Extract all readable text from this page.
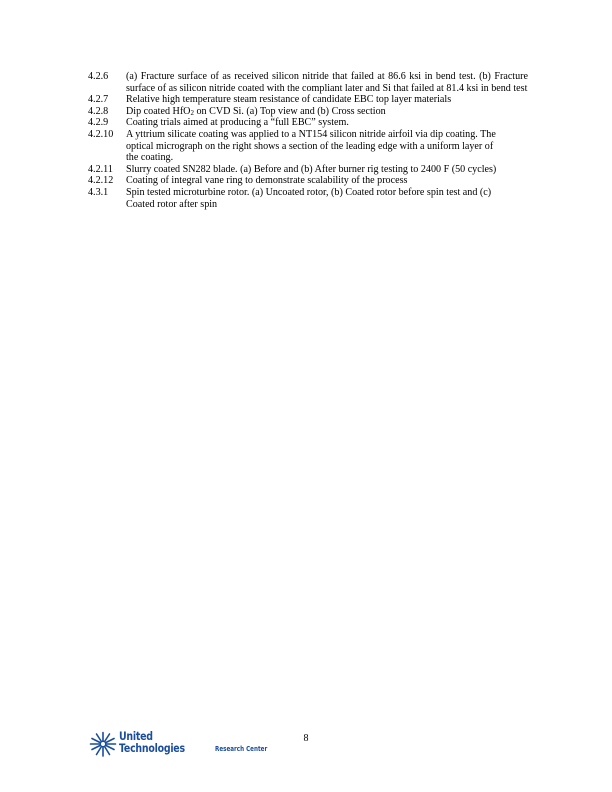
4.2.6	(a) Fracture surface of as received silicon nitride that failed at 86.6 ksi in bend test. (b) Fracture surface of as silicon nitride coated with the compliant later and Si that failed at 81.4 ksi in bend test
4.2.7	Relative high temperature steam resistance of candidate EBC top layer materials
4.2.8	Dip coated HfO$_2$ on CVD Si. (a) Top view and (b) Cross section
4.2.9	Coating trials aimed at producing a “full EBC” system.
4.2.10	A yttrium silicate coating was applied to a NT154 silicon nitride airfoil via dip coating. The optical micrograph on the right shows a section of the leading edge with a uniform layer of the coating.
4.2.11	Slurry coated SN282 blade. (a) Before and (b) After burner rig testing to 2400 F (50 cycles)
4.2.12	Coating of integral vane ring to demonstrate scalability of the process
4.3.1	Spin tested microturbine rotor. (a) Uncoated rotor, (b) Coated rotor before spin test and (c) Coated rotor after spin
United
Technologies	Research Center
8
